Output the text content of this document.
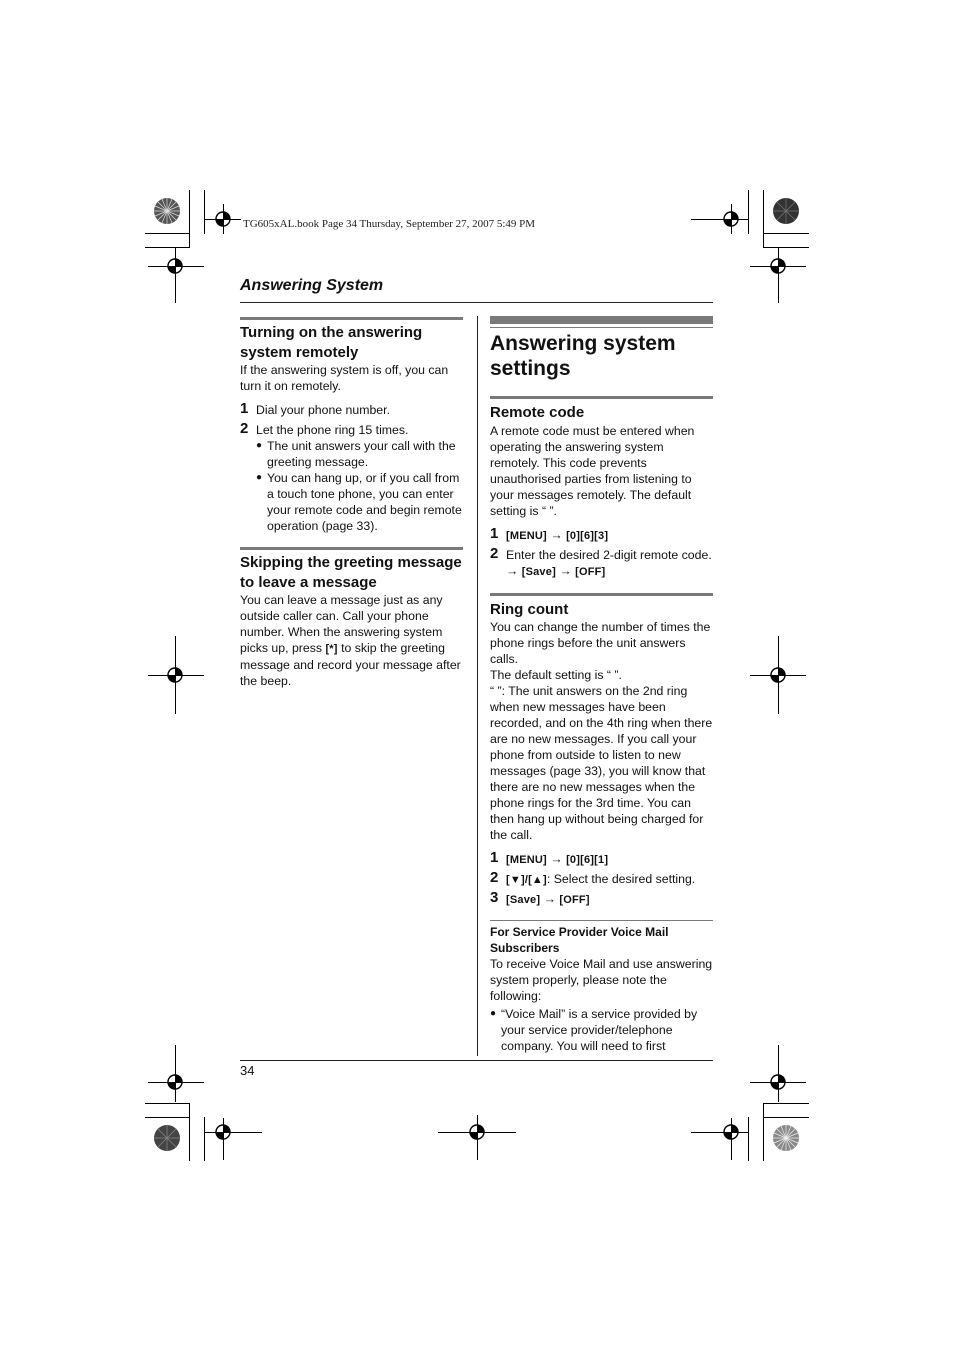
TG605xAL.book Page 34 Thursday, September 27, 2007 5:49 PM
Answering System

Turning on the answering system remotely

If the answering system is off, you can turn it on remotely.

1 Dial your phone number.

2 Let the phone ring 15 times.

● The unit answers your call with the greeting message.

● You can hang up, or if you call from a touch tone phone, you can enter your remote code and begin remote operation (page 33).

Skipping the greeting message to leave a message

You can leave a message just as any outside caller can. Call your phone number. When the answering system picks up, press [*] to skip the greeting message and record your message after the beep.

Answering system settings

Remote code

A remote code must be entered when operating the answering system remotely. This code prevents unauthorised parties from listening to your messages remotely. The default setting is “ ”.

1 [MENU] → [0][6][3]

2 Enter the desired 2-digit remote code. → [Save] → [OFF]

Ring count

You can change the number of times the phone rings before the unit answers calls.

The default setting is “ ”.

“ ”: The unit answers on the 2nd ring when new messages have been recorded, and on the 4th ring when there are no new messages. If you call your phone from outside to listen to new messages (page 33), you will know that there are no new messages when the phone rings for the 3rd time. You can then hang up without being charged for the call.

1 [MENU] → [0][6][1]

2 [▼]/[▲]: Select the desired setting.

3 [Save] → [OFF]

For Service Provider Voice Mail Subscribers

To receive Voice Mail and use answering system properly, please note the following:

● “Voice Mail” is a service provided by your service provider/telephone company. You will need to first

34
